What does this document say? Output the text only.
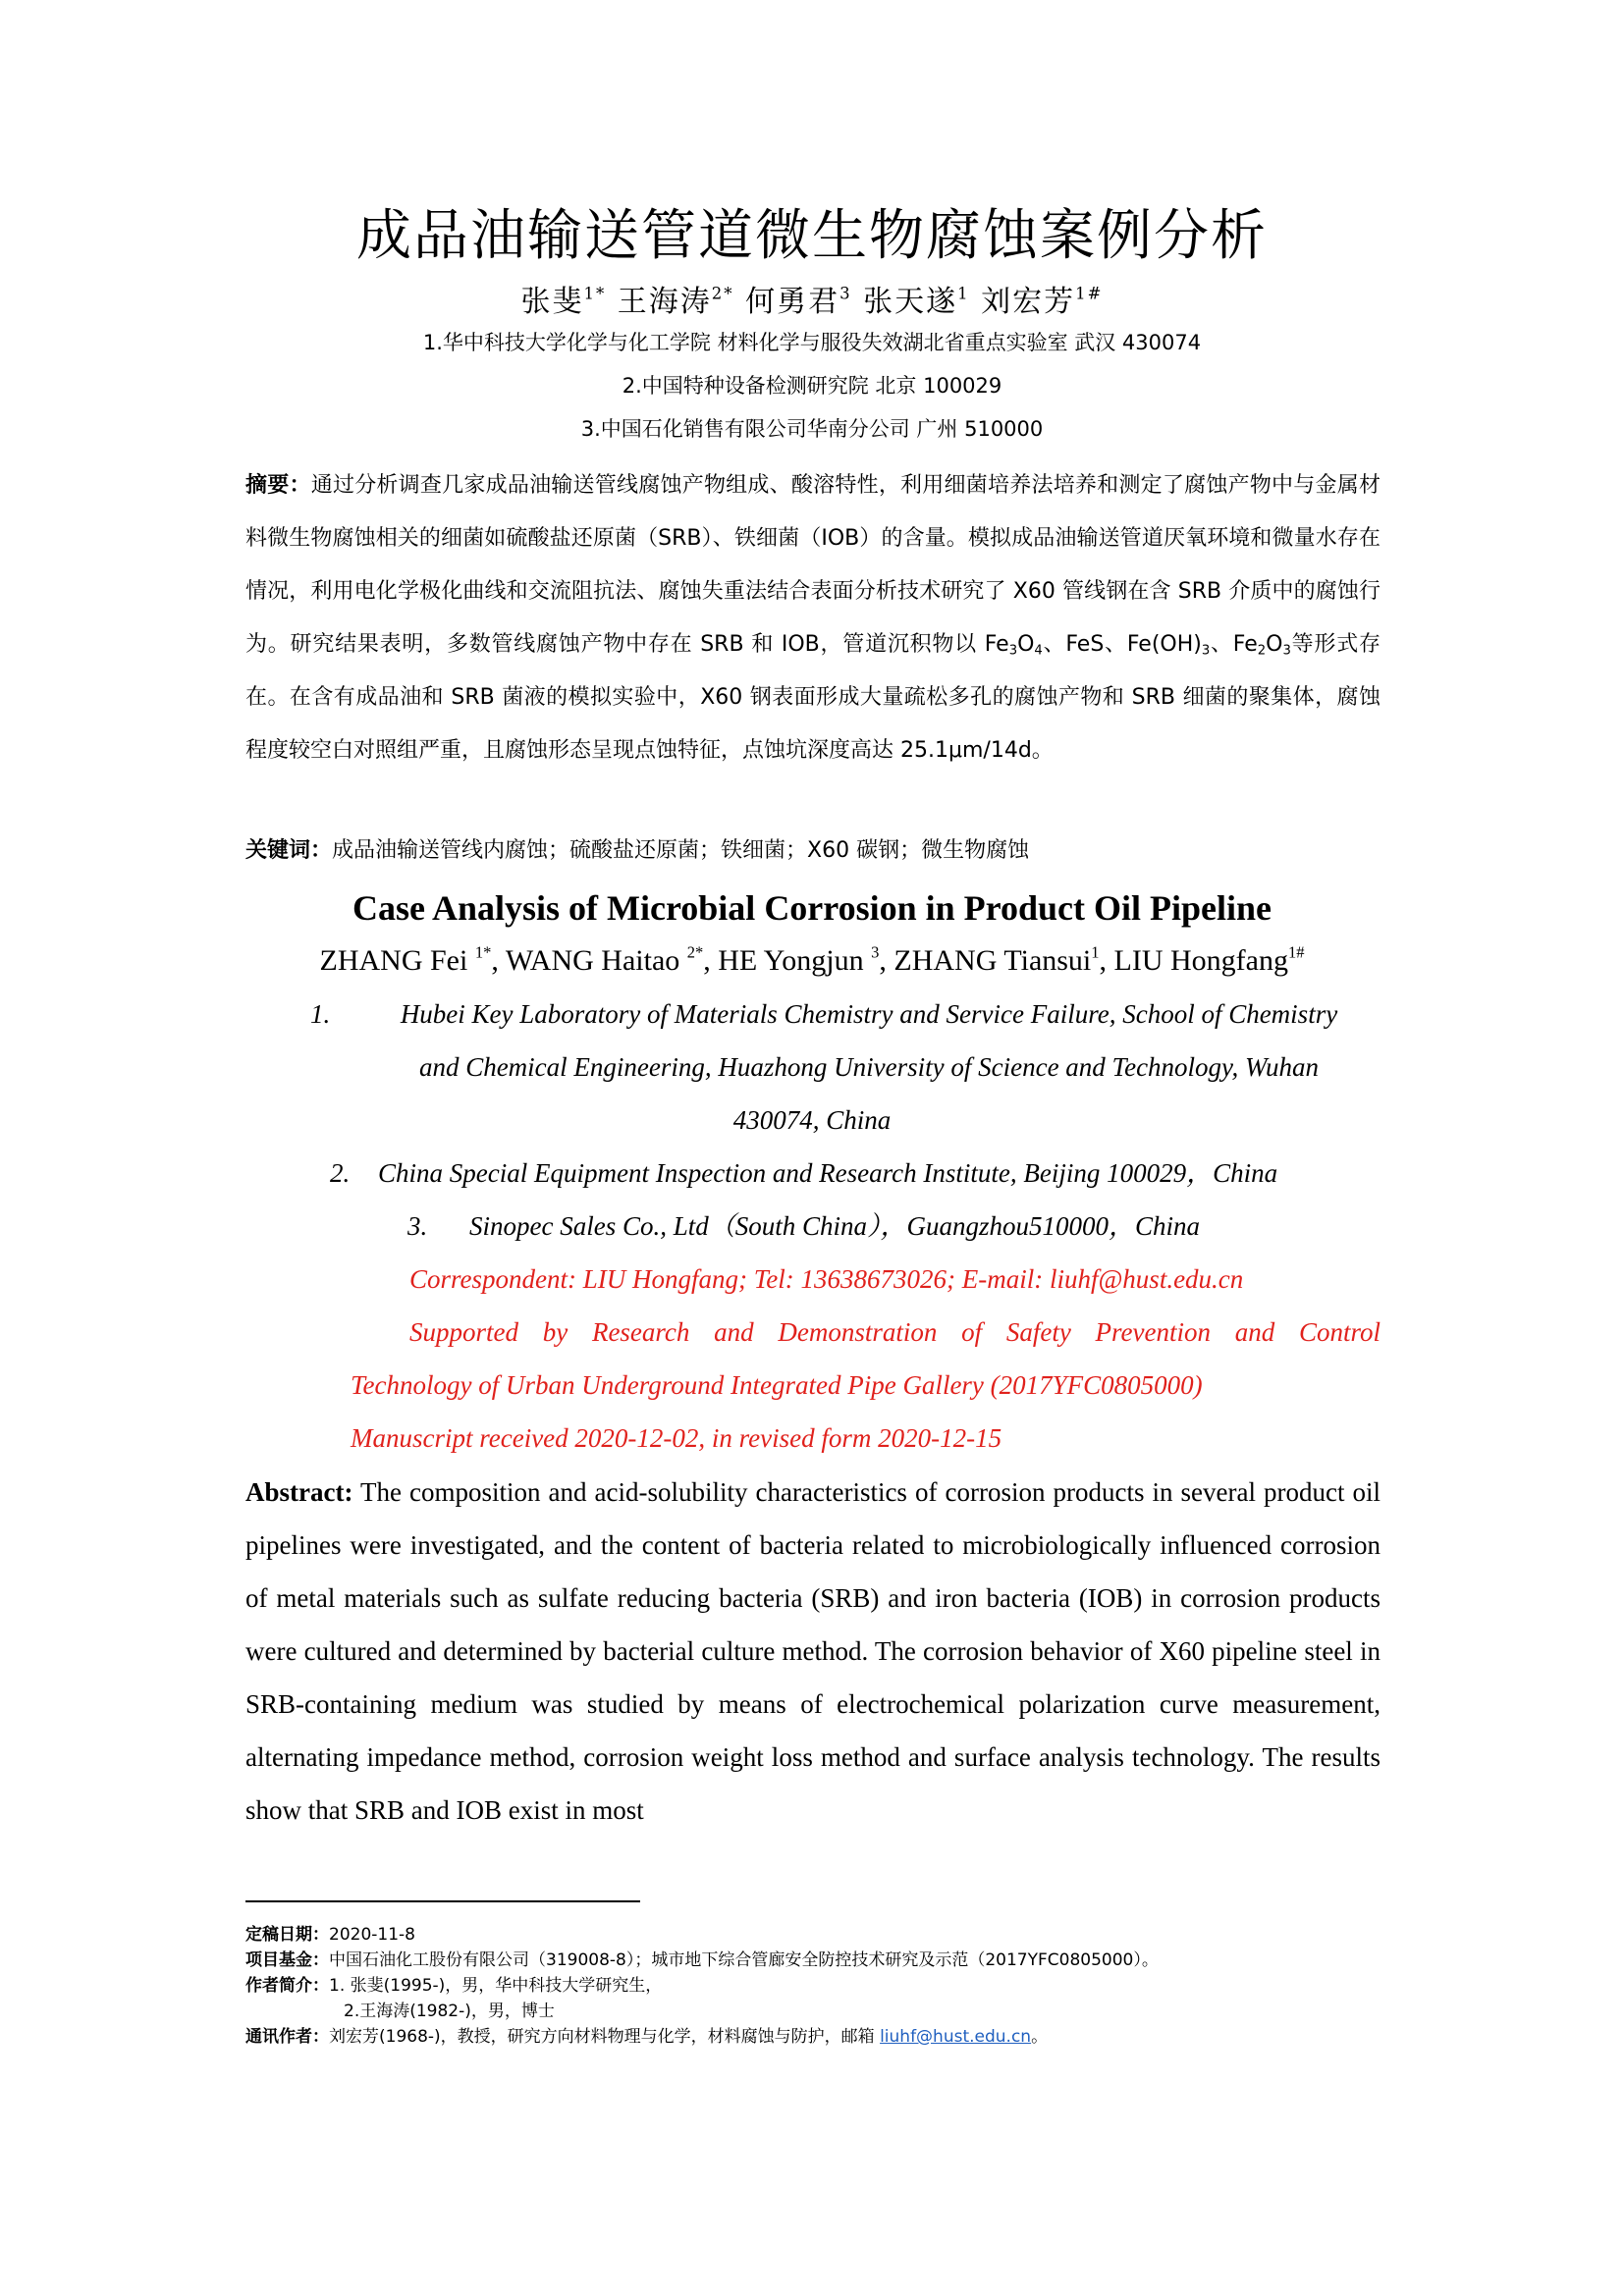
成品油输送管道微生物腐蚀案例分析
张斐$^{1*}$ 王海涛$^{2*}$ 何勇君$^3$ 张天遂$^1$ 刘宏芳$^{1\#}$
1.华中科技大学化学与化工学院 材料化学与服役失效湖北省重点实验室 武汉 430074
2.中国特种设备检测研究院 北京 100029
3.中国石化销售有限公司华南分公司 广州 510000
摘要：通过分析调查几家成品油输送管线腐蚀产物组成、酸溶特性，利用细菌培养法培养和测定了腐蚀产物中与金属材料微生物腐蚀相关的细菌如硫酸盐还原菌（SRB）、铁细菌（IOB）的含量。模拟成品油输送管道厌氧环境和微量水存在情况，利用电化学极化曲线和交流阻抗法、腐蚀失重法结合表面分析技术研究了 X60 管线钢在含 SRB 介质中的腐蚀行为。研究结果表明，多数管线腐蚀产物中存在 SRB 和 IOB，管道沉积物以 $Fe_3O_4$、FeS、$Fe(OH)_3$、$Fe_2O_3$等形式存在。在含有成品油和 SRB 菌液的模拟实验中，X60 钢表面形成大量疏松多孔的腐蚀产物和 SRB 细菌的聚集体，腐蚀程度较空白对照组严重，且腐蚀形态呈现点蚀特征，点蚀坑深度高达 25.1μm/14d。
关键词：成品油输送管线内腐蚀；硫酸盐还原菌；铁细菌；X60 碳钢；微生物腐蚀
Case Analysis of Microbial Corrosion in Product Oil Pipeline
ZHANG Fei $^{1*}$, WANG Haitao $^{2*}$, HE Yongjun $^3$, ZHANG Tiansui$^1$, LIU Hongfang$^{1\#}$
1.	Hubei Key Laboratory of Materials Chemistry and Service Failure, School of Chemistry
and Chemical Engineering, Huazhong University of Science and Technology, Wuhan
430074, China
2. China Special Equipment Inspection and Research Institute, Beijing 100029，China
3. Sinopec Sales Co., Ltd（South China），Guangzhou510000，China
Correspondent: LIU Hongfang; Tel: 13638673026; E-mail: liuhf@hust.edu.cn
Supported by Research and Demonstration of Safety Prevention and Control
Technology of Urban Underground Integrated Pipe Gallery (2017YFC0805000)
Manuscript received 2020-12-02, in revised form 2020-12-15
Abstract: The composition and acid-solubility characteristics of corrosion products in several product oil pipelines were investigated, and the content of bacteria related to microbiologically influenced corrosion of metal materials such as sulfate reducing bacteria (SRB) and iron bacteria (IOB) in corrosion products were cultured and determined by bacterial culture method. The corrosion behavior of X60 pipeline steel in SRB-containing medium was studied by means of electrochemical polarization curve measurement, alternating impedance method, corrosion weight loss method and surface analysis technology. The results show that SRB and IOB exist in most
定稿日期：2020-11-8
项目基金：中国石油化工股份有限公司（319008-8）；城市地下综合管廊安全防控技术研究及示范（2017YFC0805000）。
作者简介：1. 张斐(1995-)，男，华中科技大学研究生，
2.王海涛(1982-)，男，博士
通讯作者：刘宏芳(1968-)，教授，研究方向材料物理与化学，材料腐蚀与防护，邮箱 liuhf@hust.edu.cn。
